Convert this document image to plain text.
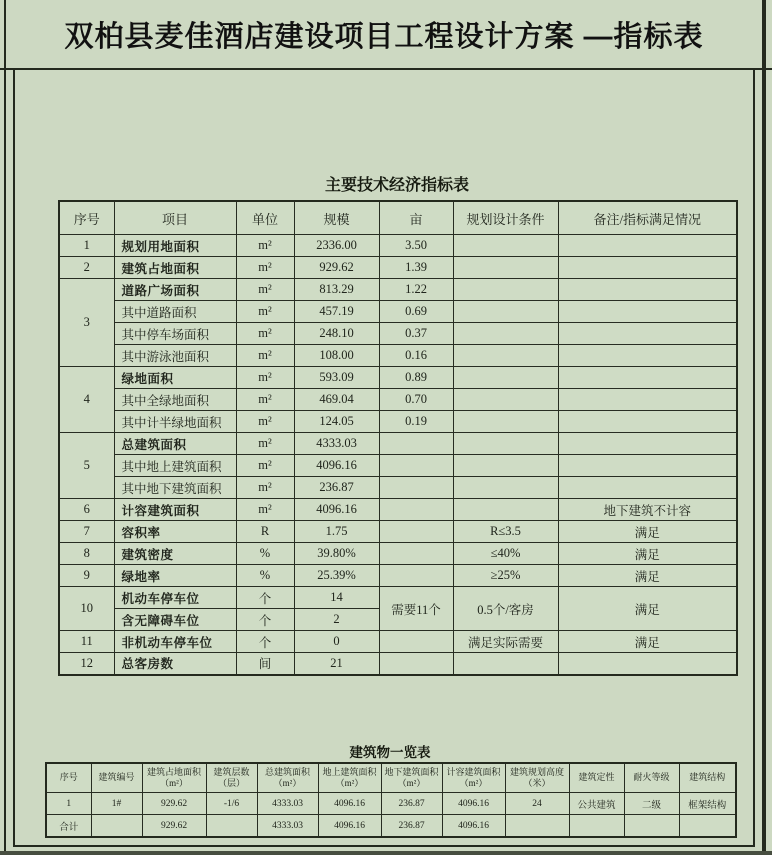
双柏县麦佳酒店建设项目工程设计方案 —指标表
主要技术经济指标表
序号	项目	单位	规模	亩	规划设计条件	备注/指标满足情况
1	规划用地面积	m²	2336.00	3.50		
2	建筑占地面积	m²	929.62	1.39		
3	道路广场面积	m²	813.29	1.22		
	其中道路面积	m²	457.19	0.69		
	其中停车场面积	m²	248.10	0.37		
	其中游泳池面积	m²	108.00	0.16		
4	绿地面积	m²	593.09	0.89		
	其中全绿地面积	m²	469.04	0.70		
	其中计半绿地面积	m²	124.05	0.19		
5	总建筑面积	m²	4333.03			
	其中地上建筑面积	m²	4096.16			
	其中地下建筑面积	m²	236.87			
6	计容建筑面积	m²	4096.16			地下建筑不计容
7	容积率	R	1.75		R≤3.5	满足
8	建筑密度	%	39.80%		≤40%	满足
9	绿地率	%	25.39%		≥25%	满足
10	机动车停车位	个	14	需要11个	0.5个/客房	满足
	含无障碍车位	个	2			
11	非机动车停车位	个	0		满足实际需要	满足
12	总客房数	间	21			
建筑物一览表
序号	建筑编号	建筑占地面积（m²）	建筑层数（层）	总建筑面积（m²）	地上建筑面积（m²）	地下建筑面积（m²）	计容建筑面积（m²）	建筑规划高度（米）	建筑定性	耐火等级	建筑结构
1	1#	929.62	-1/6	4333.03	4096.16	236.87	4096.16	24	公共建筑	二级	框架结构
合计		929.62		4333.03	4096.16	236.87	4096.16				
